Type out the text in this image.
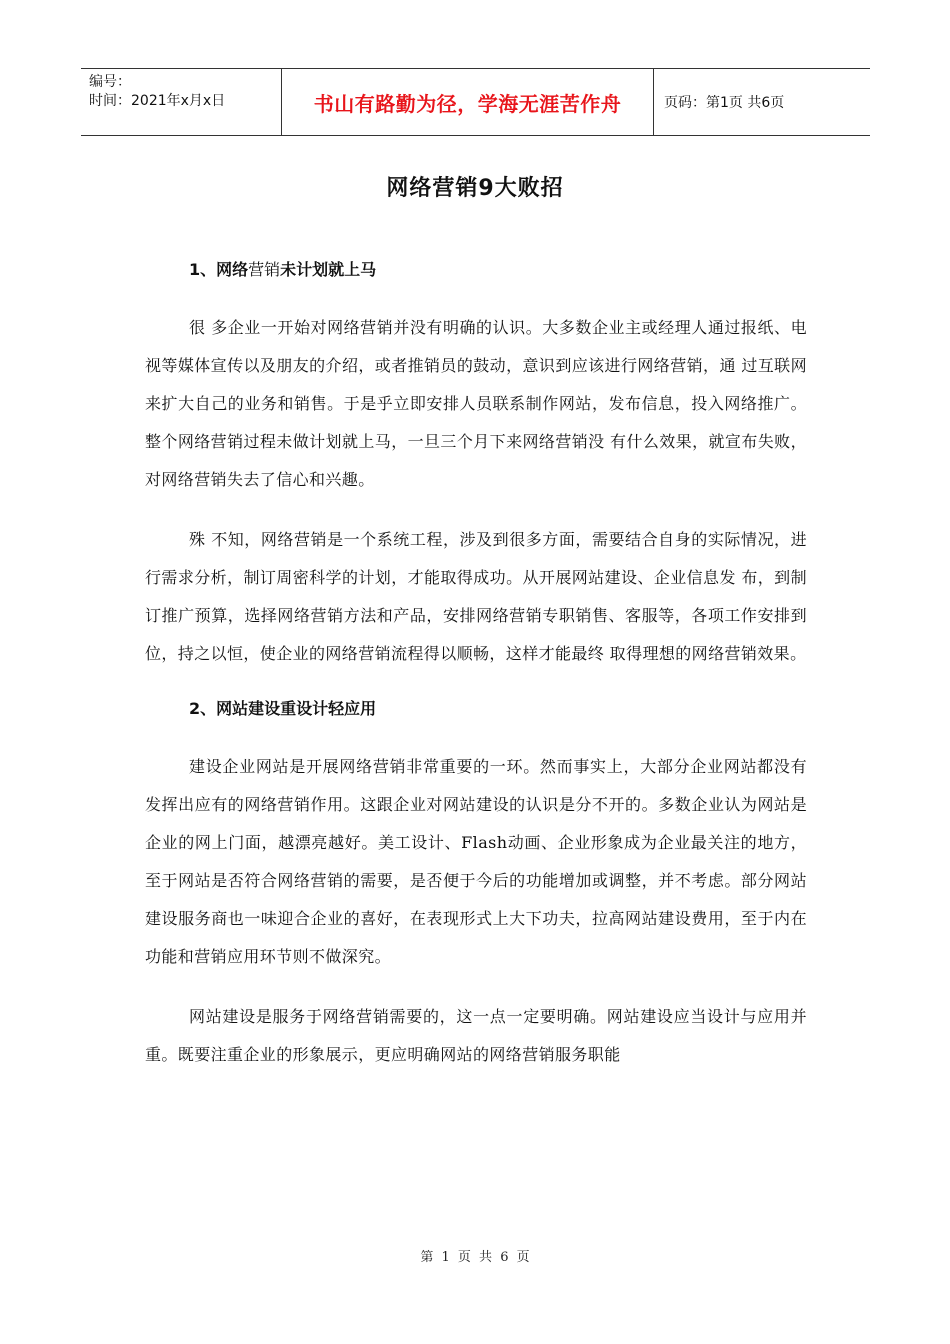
编号：
时间：2021年x月x日	书山有路勤为径，学海无涯苦作舟	页码：第1页 共6页
网络营销9大败招
1、网络营销未计划就上马

很 多企业一开始对网络营销并没有明确的认识。大多数企业主或经理人通过报纸、电视等媒体宣传以及朋友的介绍，或者推销员的鼓动，意识到应该进行网络营销，通 过互联网来扩大自己的业务和销售。于是乎立即安排人员联系制作网站，发布信息，投入网络推广。整个网络营销过程未做计划就上马，一旦三个月下来网络营销没 有什么效果，就宣布失败，对网络营销失去了信心和兴趣。

殊 不知，网络营销是一个系统工程，涉及到很多方面，需要结合自身的实际情况，进行需求分析，制订周密科学的计划，才能取得成功。从开展网站建设、企业信息发 布，到制订推广预算，选择网络营销方法和产品，安排网络营销专职销售、客服等，各项工作安排到位，持之以恒，使企业的网络营销流程得以顺畅，这样才能最终 取得理想的网络营销效果。

2、网站建设重设计轻应用

建设企业网站是开展网络营销非常重要的一环。然而事实上，大部分企业网站都没有发挥出应有的网络营销作用。这跟企业对网站建设的认识是分不开的。多数企业认为网站是企业的网上门面，越漂亮越好。美工设计、Flash动画、企业形象成为企业最关注的地方，至于网站是否符合网络营销的需要，是否便于今后的功能增加或调整，并不考虑。部分网站建设服务商也一味迎合企业的喜好，在表现形式上大下功夫，拉高网站建设费用，至于内在功能和营销应用环节则不做深究。

网站建设是服务于网络营销需要的，这一点一定要明确。网站建设应当设计与应用并重。既要注重企业的形象展示，更应明确网站的网络营销服务职能

第 1 页 共 6 页
